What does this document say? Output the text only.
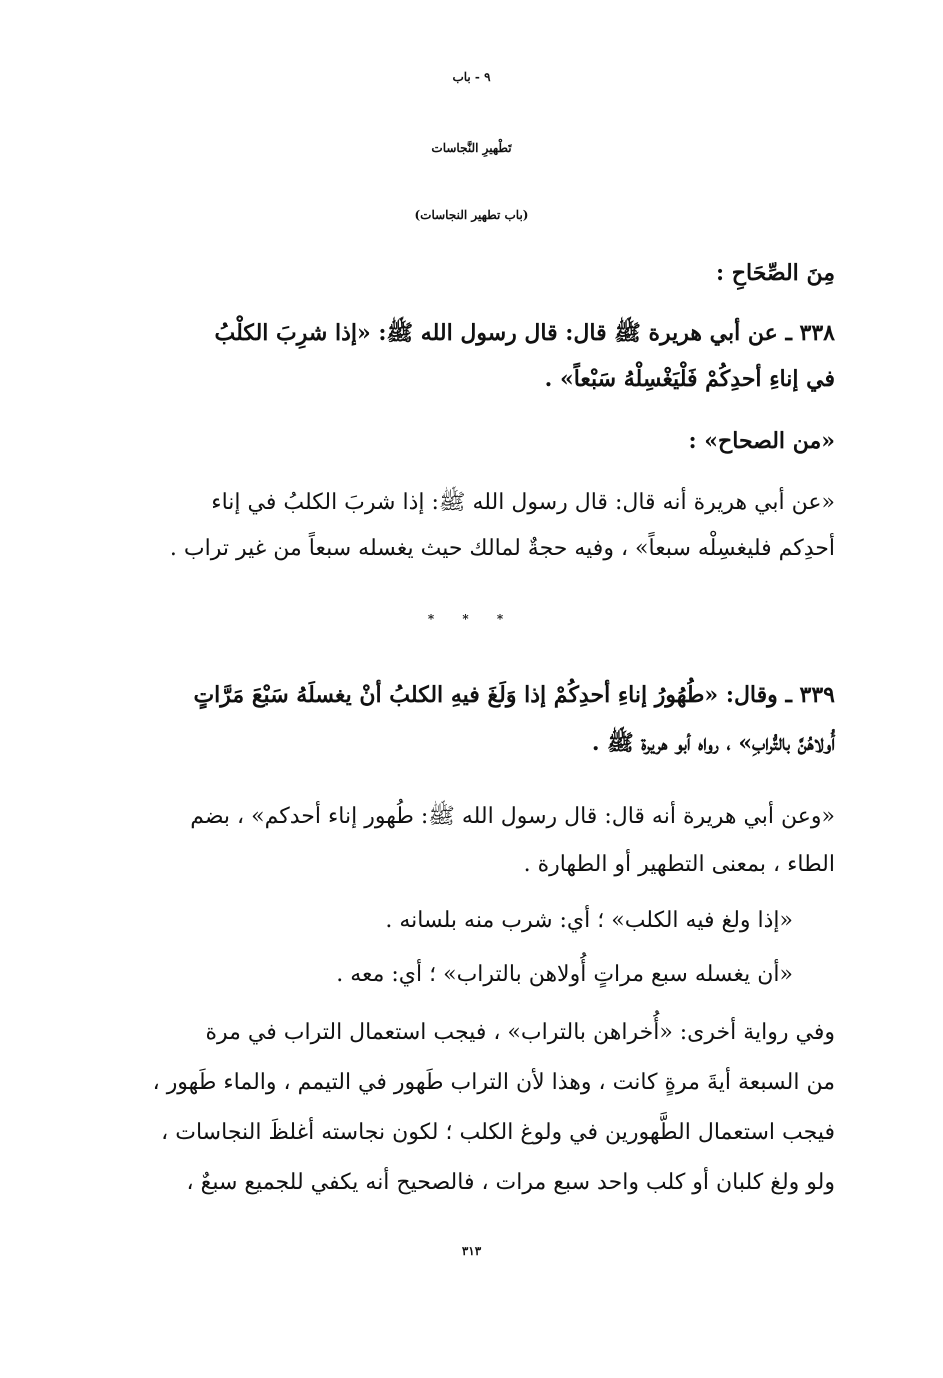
٩ - باب
تَطْهيرِ النَّجاسات
(باب تطهير النجاسات)
مِنَ الصِّحَاحِ :
٣٣٨ ـ عن أبي هريرة ﷺ قال: قال رسول الله ﷺ: «إذا شرِبَ الكلْبُ
في إناءِ أحدِكُمْ فَلْيَغْسِلْهُ سَبْعاً» .
«من الصحاح» :
«عن أبي هريرة أنه قال: قال رسول الله ﷺ: إذا شربَ الكلبُ في إناء
أحدِكم فليغسِلْه سبعاً» ، وفيه حجةٌ لمالك حيث يغسله سبعاً من غير تراب .
* * *
٣٣٩ ـ وقال: «طُهُورُ إناءِ أحدِكُمْ إذا وَلَغَ فيهِ الكلبُ أنْ يغسلَهُ سَبْعَ مَرَّاتٍ
أُولاهُنَّ بالتُّرابِ» ، رواه أبو هريرة ﷺ .
«وعن أبي هريرة أنه قال: قال رسول الله ﷺ: طُهور إناء أحدكم» ، بضم
الطاء ، بمعنى التطهير أو الطهارة .
«إذا ولغ فيه الكلب» ؛ أي: شرب منه بلسانه .
«أن يغسله سبع مراتٍ أُولاهن بالتراب» ؛ أي: معه .
وفي رواية أخرى: «أُخراهن بالتراب» ، فيجب استعمال التراب في مرة
من السبعة أيةَ مرةٍ كانت ، وهذا لأن التراب طَهور في التيمم ، والماء طَهور ،
فيجب استعمال الطَّهورين في ولوغ الكلب ؛ لكون نجاسته أغلظَ النجاسات ،
ولو ولغ كلبان أو كلب واحد سبع مرات ، فالصحيح أنه يكفي للجميع سبعٌ ،
٣١٣
